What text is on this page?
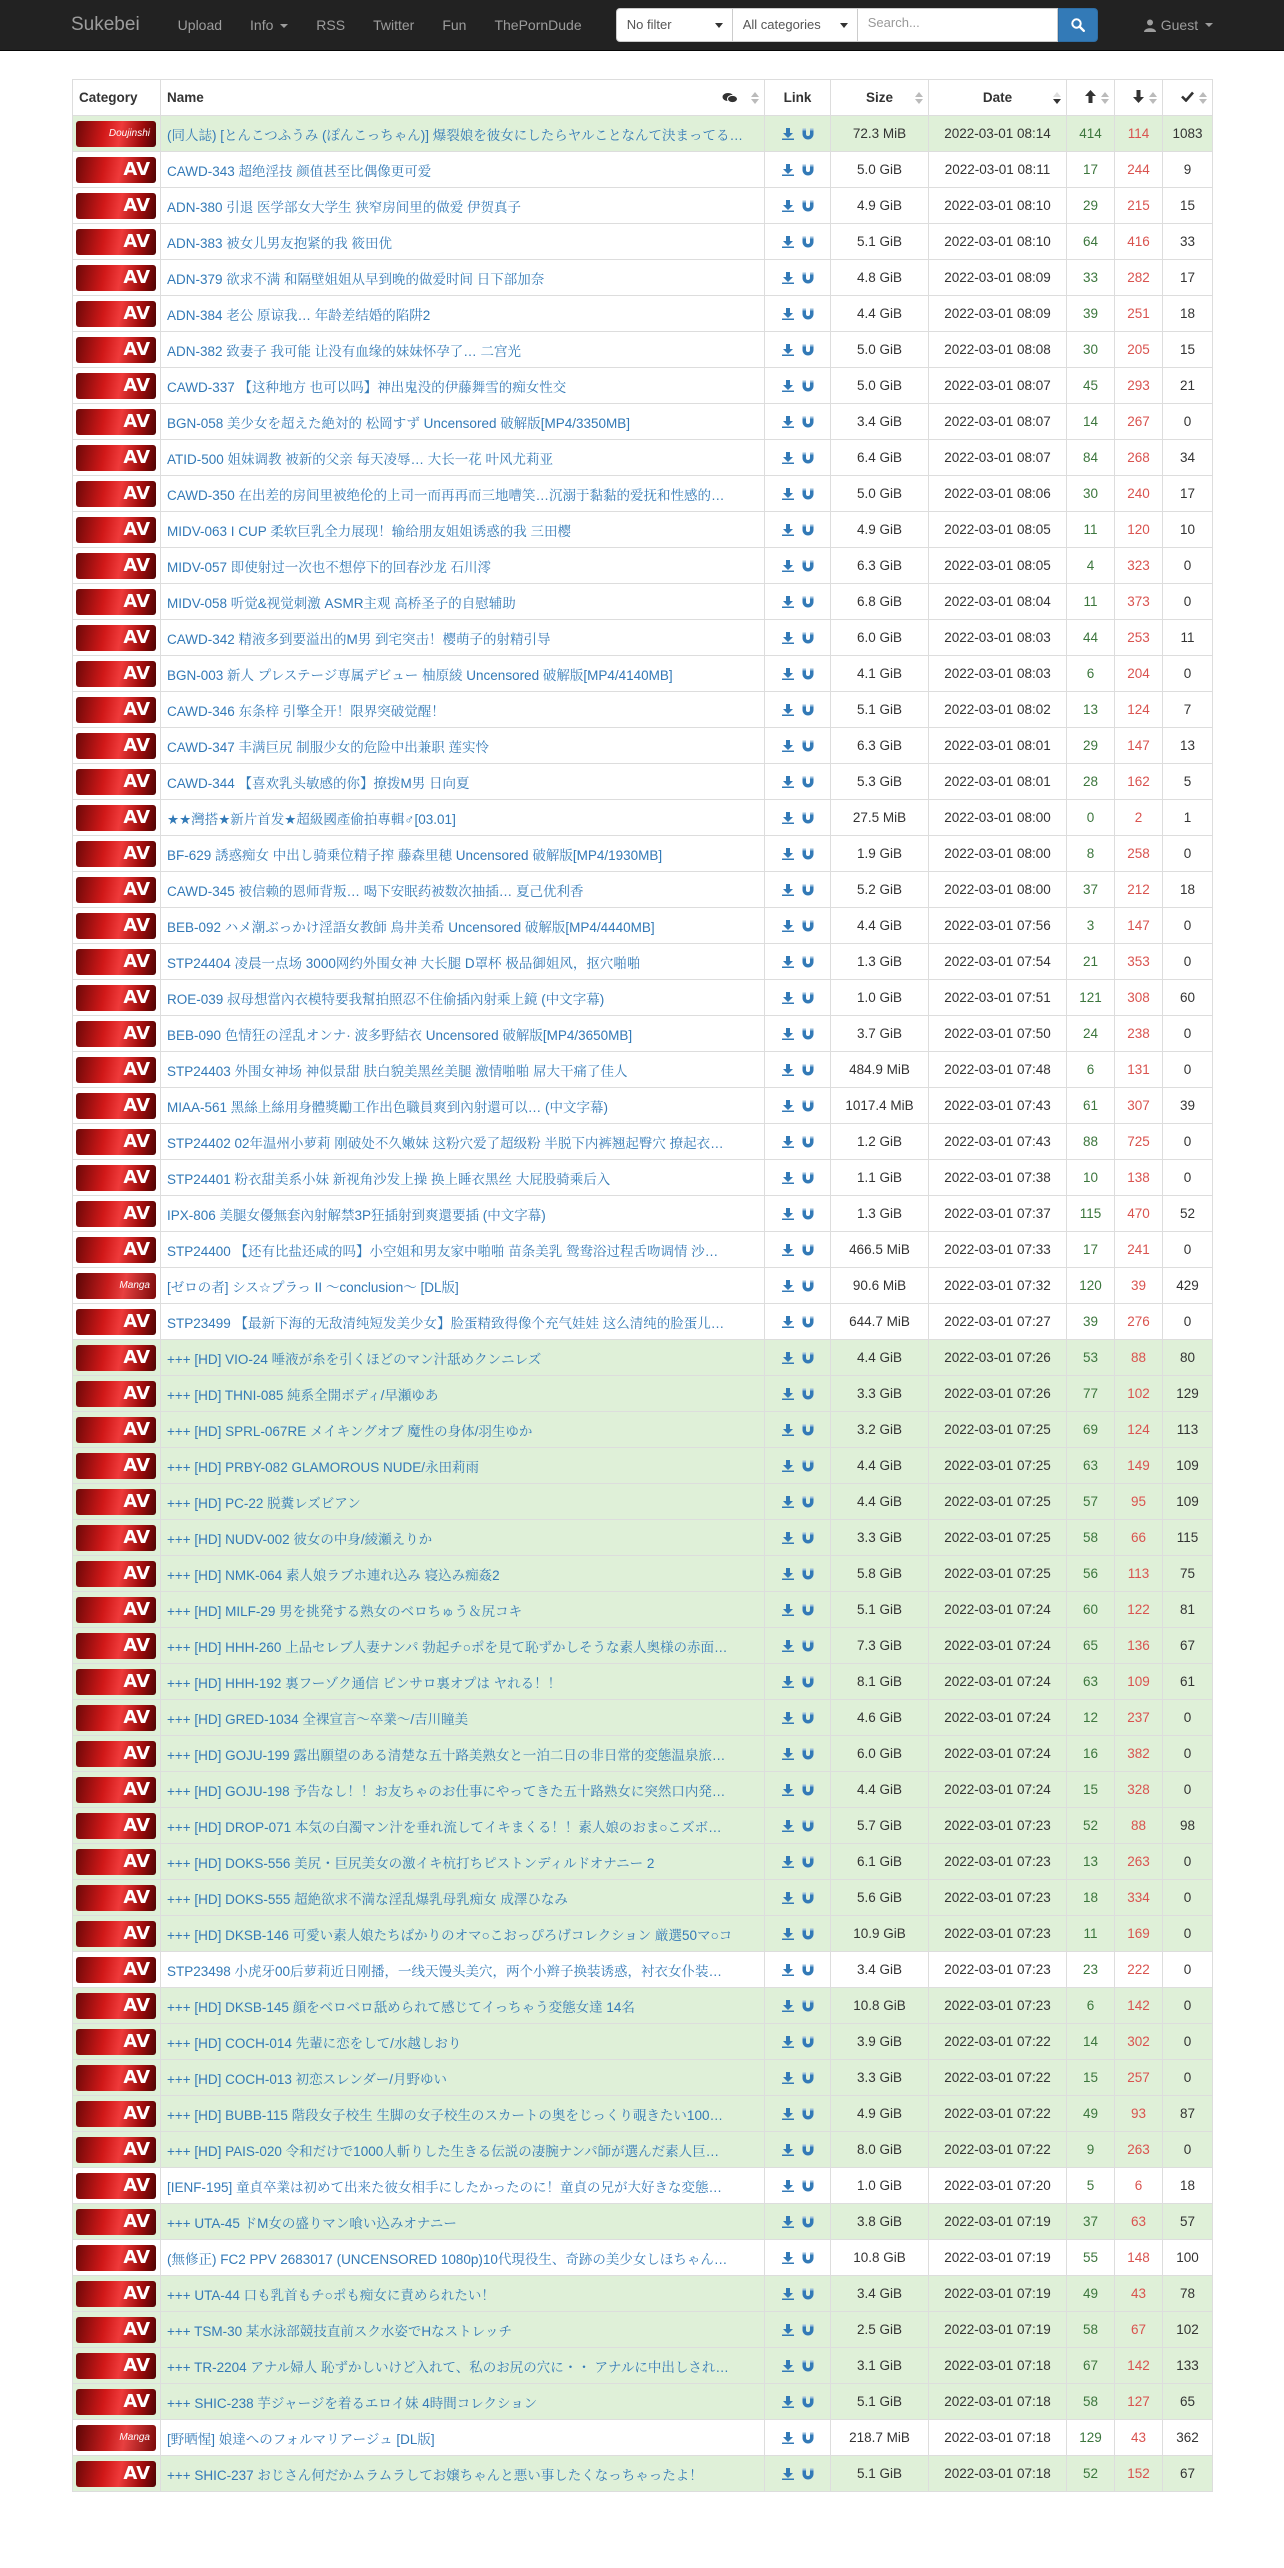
Sukebei	Upload Info	RSS Twitter Fun ThePornDude	No filter	All categories	Search...	Guest

Category	Name	Link	Size	Date

Doujinshi	(同人誌) [とんこつふうみ (ぽんこっちゃん)] 爆裂娘を彼女にしたらヤルことなんて決まってる…		72.3 MiB	2022-03-01 08:14	414	114	1083

AV	CAWD-343 超绝淫技 颜值甚至比偶像更可爱		5.0 GiB	2022-03-01 08:11	17	244	9

AV	ADN-380 引退 医学部女大学生 狭窄房间里的做爱 伊贺真子		4.9 GiB	2022-03-01 08:10	29	215	15

AV	ADN-383 被女儿男友抱紧的我 筱田优		5.1 GiB	2022-03-01 08:10	64	416	33

AV	ADN-379 欲求不满 和隔壁姐姐从早到晚的做爱时间 日下部加奈		4.8 GiB	2022-03-01 08:09	33	282	17

AV	ADN-384 老公 原谅我… 年龄差结婚的陷阱2		4.4 GiB	2022-03-01 08:09	39	251	18

AV	ADN-382 致妻子 我可能 让没有血缘的妹妹怀孕了… 二宫光		5.0 GiB	2022-03-01 08:08	30	205	15

AV	CAWD-337 【这种地方 也可以吗】神出鬼没的伊藤舞雪的痴女性交		5.0 GiB	2022-03-01 08:07	45	293	21

AV	BGN-058 美少女を超えた絶対的 松岡すず Uncensored 破解版[MP4/3350MB]		3.4 GiB	2022-03-01 08:07	14	267	0

AV	ATID-500 姐妹调教 被新的父亲 每天凌辱… 大长一花 叶风尤莉亚		6.4 GiB	2022-03-01 08:07	84	268	34

AV	CAWD-350 在出差的房间里被绝伦的上司一而再再而三地嘈笑…沉溺于黏黏的爱抚和性感的…		5.0 GiB	2022-03-01 08:06	30	240	17

AV	MIDV-063 I CUP 柔软巨乳全力展现！输给朋友姐姐诱惑的我 三田樱		4.9 GiB	2022-03-01 08:05	11	120	10

AV	MIDV-057 即使射过一次也不想停下的回春沙龙 石川澪		6.3 GiB	2022-03-01 08:05	4	323	0

AV	MIDV-058 听觉&视觉刺激 ASMR主观 高桥圣子的自慰辅助		6.8 GiB	2022-03-01 08:04	11	373	0

AV	CAWD-342 精液多到要溢出的M男 到宅突击！樱萌子的射精引导		6.0 GiB	2022-03-01 08:03	44	253	11

AV	BGN-003 新人 プレステージ専属デビュー 柚原綾 Uncensored 破解版[MP4/4140MB]		4.1 GiB	2022-03-01 08:03	6	204	0

AV	CAWD-346 东条梓 引擎全开！限界突破觉醒！		5.1 GiB	2022-03-01 08:02	13	124	7

AV	CAWD-347 丰满巨尻 制服少女的危险中出兼职 莲实怜		6.3 GiB	2022-03-01 08:01	29	147	13

AV	CAWD-344 【喜欢乳头敏感的你】撩拨M男 日向夏		5.3 GiB	2022-03-01 08:01	28	162	5

AV	★★灣搭★新片首发★超級國產偷拍專輯♂[03.01]		27.5 MiB	2022-03-01 08:00	0	2	1

AV	BF-629 誘惑痴女 中出し骑乗位精子搾 藤森里穂 Uncensored 破解版[MP4/1930MB]		1.9 GiB	2022-03-01 08:00	8	258	0

AV	CAWD-345 被信赖的恩师背叛… 喝下安眠药被数次抽插… 夏己优利香		5.2 GiB	2022-03-01 08:00	37	212	18

AV	BEB-092 ハメ潮ぶっかけ淫語女教師 鳥井美希 Uncensored 破解版[MP4/4440MB]		4.4 GiB	2022-03-01 07:56	3	147	0

AV	STP24404 凌晨一点场 3000网约外围女神 大长腿 D罩杯 极品御姐风，抠穴啪啪		1.3 GiB	2022-03-01 07:54	21	353	0

AV	ROE-039 叔母想當內衣模特要我幫拍照忍不住偷插內射乘上鏡 (中文字幕)		1.0 GiB	2022-03-01 07:51	121	308	60

AV	BEB-090 色情狂の淫乱オンナ· 波多野結衣 Uncensored 破解版[MP4/3650MB]		3.7 GiB	2022-03-01 07:50	24	238	0

AV	STP24403 外围女神场 神似景甜 肤白貌美黑丝美腿 激情啪啪 屌大干痛了佳人		484.9 MiB	2022-03-01 07:48	6	131	0

AV	MIAA-561 黑絲上絲用身體獎勵工作出色職員爽到內射還可以… (中文字幕)		1017.4 MiB	2022-03-01 07:43	61	307	39

AV	STP24402 02年温州小萝莉 刚破处不久嫩妹 这粉穴爱了超级粉 半脱下内裤翘起臀穴 撩起衣…		1.2 GiB	2022-03-01 07:43	88	725	0

AV	STP24401 粉衣甜美系小妹 新视角沙发上操 换上睡衣黑丝 大屁股骑乘后入		1.1 GiB	2022-03-01 07:38	10	138	0

AV	IPX-806 美腿女優無套內射解禁3P狂插射到爽還要插 (中文字幕)		1.3 GiB	2022-03-01 07:37	115	470	52

AV	STP24400 【还有比盐还咸的吗】小空姐和男友家中啪啪 苗条美乳 鸳鸯浴过程舌吻调情 沙…		466.5 MiB	2022-03-01 07:33	17	241	0

Manga	[ゼロの者] シス☆プラっ II ～conclusion～ [DL版]		90.6 MiB	2022-03-01 07:32	120	39	429

AV	STP23499 【最新下海的无敌清纯短发美少女】脸蛋精致得像个充气娃娃 这么清纯的脸蛋儿…		644.7 MiB	2022-03-01 07:27	39	276	0

AV	+++ [HD] VIO-24 唾液が糸を引くほどのマン汁舐めクンニレズ		4.4 GiB	2022-03-01 07:26	53	88	80

AV	+++ [HD] THNI-085 純系全開ボディ/早瀬ゆあ		3.3 GiB	2022-03-01 07:26	77	102	129

AV	+++ [HD] SPRL-067RE メイキングオブ 魔性の身体/羽生ゆか		3.2 GiB	2022-03-01 07:25	69	124	113

AV	+++ [HD] PRBY-082 GLAMOROUS NUDE/永田莉雨		4.4 GiB	2022-03-01 07:25	63	149	109

AV	+++ [HD] PC-22 脱糞レズビアン		4.4 GiB	2022-03-01 07:25	57	95	109

AV	+++ [HD] NUDV-002 彼女の中身/綾瀬えりか		3.3 GiB	2022-03-01 07:25	58	66	115

AV	+++ [HD] NMK-064 素人娘ラブホ連れ込み 寝込み痴姦2		5.8 GiB	2022-03-01 07:25	56	113	75

AV	+++ [HD] MILF-29 男を挑発する熟女のベロちゅう＆尻コキ		5.1 GiB	2022-03-01 07:24	60	122	81

AV	+++ [HD] HHH-260 上品セレブ人妻ナンパ 勃起チ○ポを見て恥ずかしそうな素人奥様の赤面…		7.3 GiB	2022-03-01 07:24	65	136	67

AV	+++ [HD] HHH-192 裏フーゾク通信 ピンサロ裏オプは ヤれる！！		8.1 GiB	2022-03-01 07:24	63	109	61

AV	+++ [HD] GRED-1034 全裸宣言～卒業～/吉川瞳美		4.6 GiB	2022-03-01 07:24	12	237	0

AV	+++ [HD] GOJU-199 露出願望のある清楚な五十路美熟女と一泊二日の非日常的変態温泉旅…		6.0 GiB	2022-03-01 07:24	16	382	0

AV	+++ [HD] GOJU-198 予告なし！！お友ちゃのお仕事にやってきた五十路熟女に突然口内発…		4.4 GiB	2022-03-01 07:24	15	328	0

AV	+++ [HD] DROP-071 本気の白濁マン汁を垂れ流してイキまくる！！素人娘のおま○こズボ…		5.7 GiB	2022-03-01 07:23	52	88	98

AV	+++ [HD] DOKS-556 美尻・巨尻美女の激イキ杭打ちピストンディルドオナニー 2		6.1 GiB	2022-03-01 07:23	13	263	0

AV	+++ [HD] DOKS-555 超絶欲求不満な淫乱爆乳母乳痴女 成澤ひなみ		5.6 GiB	2022-03-01 07:23	18	334	0

AV	+++ [HD] DKSB-146 可愛い素人娘たちばかりのオマ○こおっぴろげコレクション 厳選50マ○コ		10.9 GiB	2022-03-01 07:23	11	169	0

AV	STP23498 小虎牙00后萝莉近日刚播，一线天馒头美穴，两个小辫子换装诱惑，衬衣女仆装…		3.4 GiB	2022-03-01 07:23	23	222	0

AV	+++ [HD] DKSB-145 顔をベロベロ舐められて感じてイっちゃう変態女達 14名		10.8 GiB	2022-03-01 07:23	6	142	0

AV	+++ [HD] COCH-014 先輩に恋をして/水越しおり		3.9 GiB	2022-03-01 07:22	14	302	0

AV	+++ [HD] COCH-013 初恋スレンダー/月野ゆい		3.3 GiB	2022-03-01 07:22	15	257	0

AV	+++ [HD] BUBB-115 階段女子校生 生脚の女子校生のスカートの奥をじっくり覗きたい100…		4.9 GiB	2022-03-01 07:22	49	93	87

AV	+++ [HD] PAIS-020 令和だけで1000人斬りした生きる伝説の凄腕ナンパ師が選んだ素人巨…		8.0 GiB	2022-03-01 07:22	9	263	0

AV	[IENF-195] 童貞卒業は初めて出来た彼女相手にしたかったのに！童貞の兄が大好きな変態…		1.0 GiB	2022-03-01 07:20	5	6	18

AV	+++ UTA-45 ドM女の盛りマン喰い込みオナニー		3.8 GiB	2022-03-01 07:19	37	63	57

AV	(無修正) FC2 PPV 2683017 (UNCENSORED 1080p)10代現役生、奇跡の美少女しほちゃん…		10.8 GiB	2022-03-01 07:19	55	148	100

AV	+++ UTA-44 口も乳首もチ○ポも痴女に責められたい！		3.4 GiB	2022-03-01 07:19	49	43	78

AV	+++ TSM-30 某水泳部競技直前スク水姿でHなストレッチ		2.5 GiB	2022-03-01 07:19	58	67	102

AV	+++ TR-2204 アナル婦人 恥ずかしいけど入れて、私のお尻の穴に・・ アナルに中出しされ…		3.1 GiB	2022-03-01 07:18	67	142	133

AV	+++ SHIC-238 芋ジャージを着るエロイ妹 4時間コレクション		5.1 GiB	2022-03-01 07:18	58	127	65

Manga	[野晒惺] 娘達へのフォルマリアージュ [DL版]		218.7 MiB	2022-03-01 07:18	129	43	362

AV	+++ SHIC-237 おじさん何だかムラムラしてお嬢ちゃんと悪い事したくなっちゃったよ！		5.1 GiB	2022-03-01 07:18	52	152	67
